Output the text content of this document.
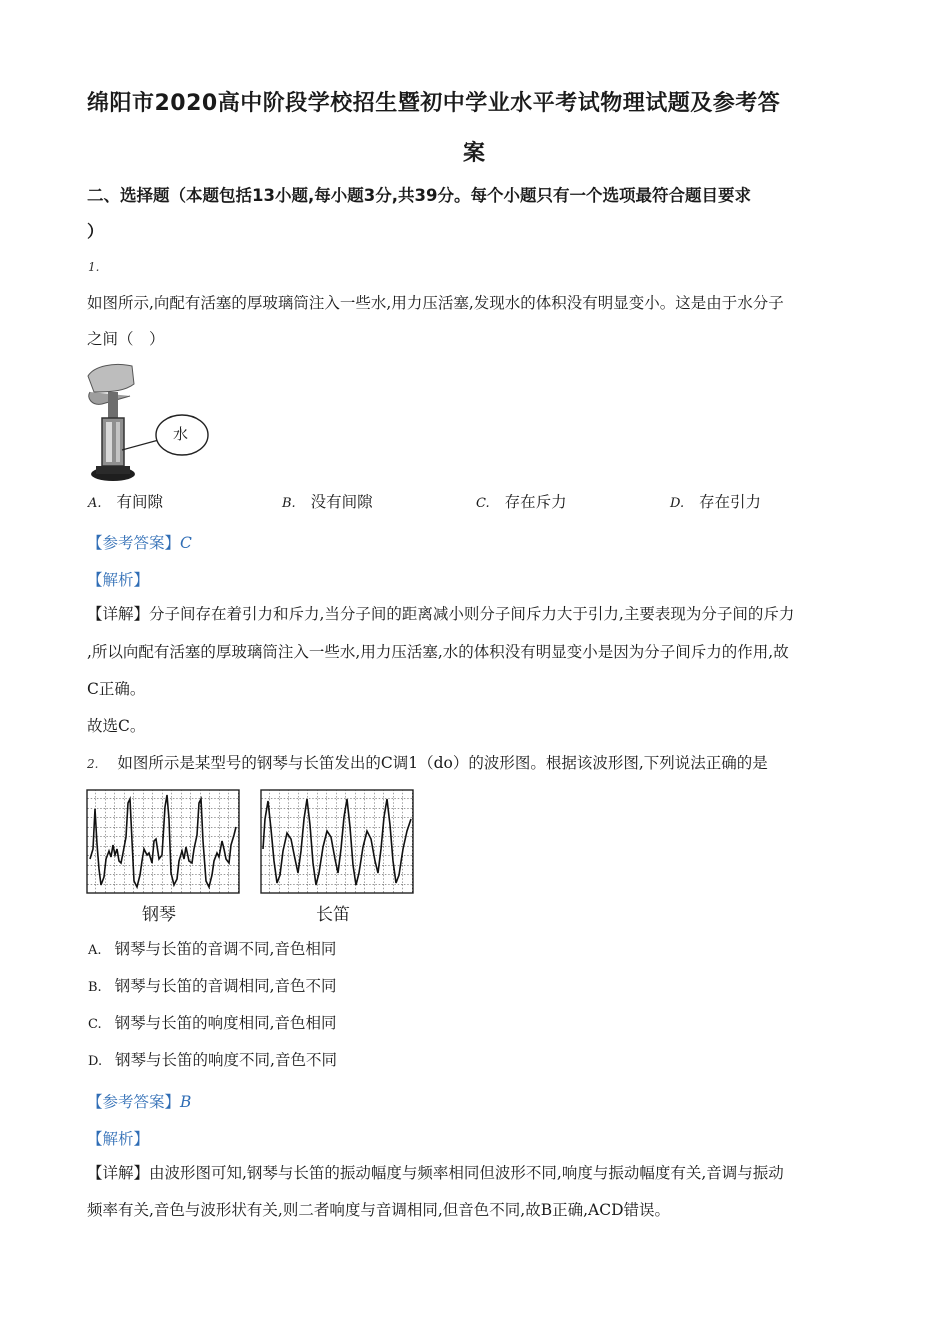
绵阳市2020高中阶段学校招生暨初中学业水平考试物理试题及参考答
案
二、选择题（本题包括13小题,每小题3分,共39分。每个小题只有一个选项最符合题目要求
）
1.
如图所示,向配有活塞的厚玻璃筒注入一些水,用力压活塞,发现水的体积没有明显变小。这是由于水分子
之间（　）
水
A. 有间隙	B. 没有间隙	C. 存在斥力	D. 存在引力
【参考答案】C
【解析】
【详解】分子间存在着引力和斥力,当分子间的距离减小则分子间斥力大于引力,主要表现为分子间的斥力
,所以向配有活塞的厚玻璃筒注入一些水,用力压活塞,水的体积没有明显变小是因为分子间斥力的作用,故
C正确。
故选C。
2. 如图所示是某型号的钢琴与长笛发出的C调1（do）的波形图。根据该波形图,下列说法正确的是
钢琴	长笛
A. 钢琴与长笛的音调不同,音色相同
B. 钢琴与长笛的音调相同,音色不同
C. 钢琴与长笛的响度相同,音色相同
D. 钢琴与长笛的响度不同,音色不同
【参考答案】B
【解析】
【详解】由波形图可知,钢琴与长笛的振动幅度与频率相同但波形不同,响度与振动幅度有关,音调与振动
频率有关,音色与波形状有关,则二者响度与音调相同,但音色不同,故B正确,ACD错误。
